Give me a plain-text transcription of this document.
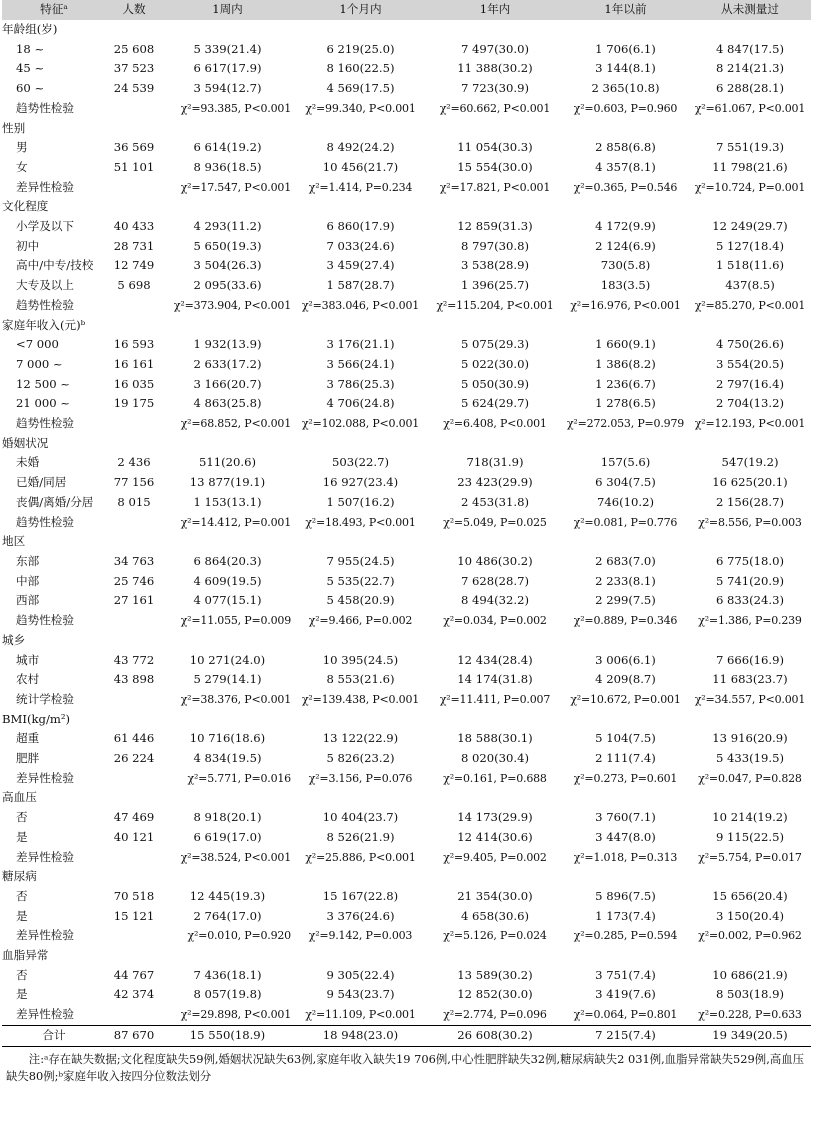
特征ᵃ	人数	1周内	1个月内	1年内	1年以前	从未测量过
年龄组(岁)						
18 ~	25 608	5 339(21.4)	6 219(25.0)	7 497(30.0)	1 706(6.1)	4 847(17.5)
45 ~	37 523	6 617(17.9)	8 160(22.5)	11 388(30.2)	3 144(8.1)	8 214(21.3)
60 ~	24 539	3 594(12.7)	4 569(17.5)	7 723(30.9)	2 365(10.8)	6 288(28.1)
趋势性检验		χ²=93.385, P<0.001	χ²=99.340, P<0.001	χ²=60.662, P<0.001	χ²=0.603, P=0.960	χ²=61.067, P<0.001
性别						
男	36 569	6 614(19.2)	8 492(24.2)	11 054(30.3)	2 858(6.8)	7 551(19.3)
女	51 101	8 936(18.5)	10 456(21.7)	15 554(30.0)	4 357(8.1)	11 798(21.6)
差异性检验		χ²=17.547, P<0.001	χ²=1.414, P=0.234	χ²=17.821, P<0.001	χ²=0.365, P=0.546	χ²=10.724, P=0.001
文化程度						
小学及以下	40 433	4 293(11.2)	6 860(17.9)	12 859(31.3)	4 172(9.9)	12 249(29.7)
初中	28 731	5 650(19.3)	7 033(24.6)	8 797(30.8)	2 124(6.9)	5 127(18.4)
高中/中专/技校	12 749	3 504(26.3)	3 459(27.4)	3 538(28.9)	730(5.8)	1 518(11.6)
大专及以上	5 698	2 095(33.6)	1 587(28.7)	1 396(25.7)	183(3.5)	437(8.5)
趋势性检验		χ²=373.904, P<0.001	χ²=383.046, P<0.001	χ²=115.204, P<0.001	χ²=16.976, P<0.001	χ²=85.270, P<0.001
家庭年收入(元)ᵇ						
<7 000	16 593	1 932(13.9)	3 176(21.1)	5 075(29.3)	1 660(9.1)	4 750(26.6)
7 000 ~	16 161	2 633(17.2)	3 566(24.1)	5 022(30.0)	1 386(8.2)	3 554(20.5)
12 500 ~	16 035	3 166(20.7)	3 786(25.3)	5 050(30.9)	1 236(6.7)	2 797(16.4)
21 000 ~	19 175	4 863(25.8)	4 706(24.8)	5 624(29.7)	1 278(6.5)	2 704(13.2)
趋势性检验		χ²=68.852, P<0.001	χ²=102.088, P<0.001	χ²=6.408, P<0.001	χ²=272.053, P=0.979	χ²=12.193, P<0.001
婚姻状况						
未婚	2 436	511(20.6)	503(22.7)	718(31.9)	157(5.6)	547(19.2)
已婚/同居	77 156	13 877(19.1)	16 927(23.4)	23 423(29.9)	6 304(7.5)	16 625(20.1)
丧偶/离婚/分居	8 015	1 153(13.1)	1 507(16.2)	2 453(31.8)	746(10.2)	2 156(28.7)
趋势性检验		χ²=14.412, P=0.001	χ²=18.493, P<0.001	χ²=5.049, P=0.025	χ²=0.081, P=0.776	χ²=8.556, P=0.003
地区						
东部	34 763	6 864(20.3)	7 955(24.5)	10 486(30.2)	2 683(7.0)	6 775(18.0)
中部	25 746	4 609(19.5)	5 535(22.7)	7 628(28.7)	2 233(8.1)	5 741(20.9)
西部	27 161	4 077(15.1)	5 458(20.9)	8 494(32.2)	2 299(7.5)	6 833(24.3)
趋势性检验		χ²=11.055, P=0.009	χ²=9.466, P=0.002	χ²=0.034, P=0.002	χ²=0.889, P=0.346	χ²=1.386, P=0.239
城乡						
城市	43 772	10 271(24.0)	10 395(24.5)	12 434(28.4)	3 006(6.1)	7 666(16.9)
农村	43 898	5 279(14.1)	8 553(21.6)	14 174(31.8)	4 209(8.7)	11 683(23.7)
统计学检验		χ²=38.376, P<0.001	χ²=139.438, P<0.001	χ²=11.411, P=0.007	χ²=10.672, P=0.001	χ²=34.557, P<0.001
BMI(kg/m²)						
超重	61 446	10 716(18.6)	13 122(22.9)	18 588(30.1)	5 104(7.5)	13 916(20.9)
肥胖	26 224	4 834(19.5)	5 826(23.2)	8 020(30.4)	2 111(7.4)	5 433(19.5)
差异性检验		χ²=5.771, P=0.016	χ²=3.156, P=0.076	χ²=0.161, P=0.688	χ²=0.273, P=0.601	χ²=0.047, P=0.828
高血压						
否	47 469	8 918(20.1)	10 404(23.7)	14 173(29.9)	3 760(7.1)	10 214(19.2)
是	40 121	6 619(17.0)	8 526(21.9)	12 414(30.6)	3 447(8.0)	9 115(22.5)
差异性检验		χ²=38.524, P<0.001	χ²=25.886, P<0.001	χ²=9.405, P=0.002	χ²=1.018, P=0.313	χ²=5.754, P=0.017
糖尿病						
否	70 518	12 445(19.3)	15 167(22.8)	21 354(30.0)	5 896(7.5)	15 656(20.4)
是	15 121	2 764(17.0)	3 376(24.6)	4 658(30.6)	1 173(7.4)	3 150(20.4)
差异性检验		χ²=0.010, P=0.920	χ²=9.142, P=0.003	χ²=5.126, P=0.024	χ²=0.285, P=0.594	χ²=0.002, P=0.962
血脂异常						
否	44 767	7 436(18.1)	9 305(22.4)	13 589(30.2)	3 751(7.4)	10 686(21.9)
是	42 374	8 057(19.8)	9 543(23.7)	12 852(30.0)	3 419(7.6)	8 503(18.9)
差异性检验		χ²=29.898, P<0.001	χ²=11.109, P<0.001	χ²=2.774, P=0.096	χ²=0.064, P=0.801	χ²=0.228, P=0.633
合计	87 670	15 550(18.9)	18 948(23.0)	26 608(30.2)	7 215(7.4)	19 349(20.5)
注:ᵃ存在缺失数据;文化程度缺失59例,婚姻状况缺失63例,家庭年收入缺失19 706例,中心性肥胖缺失32例,糖尿病缺失2 031例,血脂异常缺失529例,高血压缺失80例;ᵇ家庭年收入按四分位数法划分
